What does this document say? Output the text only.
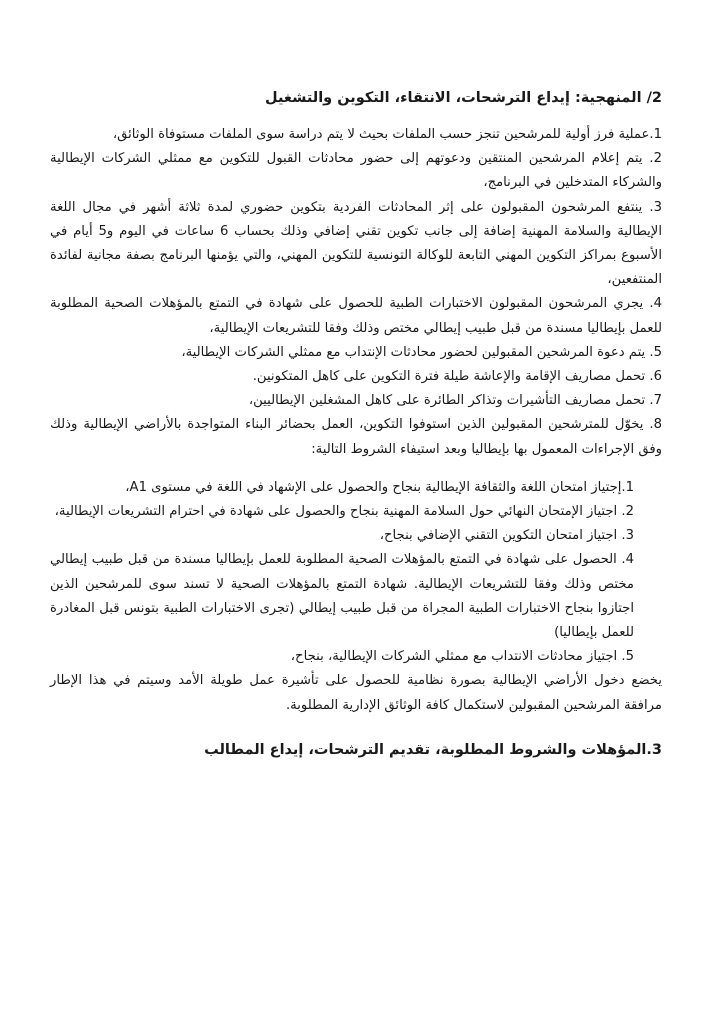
2/ المنهجية: إيداع الترشحات، الانتقاء، التكوين والتشغيل

1.عملية فرز أولية للمرشحين تنجز حسب الملفات بحيث لا يتم دراسة سوى الملفات مستوفاة الوثائق،

2. يتم إعلام المرشحين المنتقين ودعوتهم إلى حضور محادثات القبول للتكوين مع ممثلي الشركات الإيطالية والشركاء المتدخلين في البرنامج،

3. ينتفع المرشحون المقبولون على إثر المحادثات الفردية بتكوين حضوري لمدة ثلاثة أشهر في مجال اللغة الإيطالية والسلامة المهنية إضافة إلى جانب تكوين تقني إضافي وذلك بحساب 6 ساعات في اليوم و5 أيام في الأسبوع بمراكز التكوين المهني التابعة للوكالة التونسية للتكوين المهني، والتي يؤمنها البرنامج بصفة مجانية لفائدة المنتفعين،

4. يجري المرشحون المقبولون الاختبارات الطبية للحصول على شهادة في التمتع بالمؤهلات الصحية المطلوبة للعمل بإيطاليا مسندة من قبل طبيب إيطالي مختص وذلك وفقا للتشريعات الإيطالية،

5. يتم دعوة المرشحين المقبولين لحضور محادثات الإنتداب مع ممثلي الشركات الإيطالية،

6. تحمل مصاريف الإقامة والإعاشة طيلة فترة التكوين على كاهل المتكونين.

7. تحمل مصاريف التأشيرات وتذاكر الطائرة على كاهل المشغلين الإيطاليين،

8. يخوّل للمترشحين المقبولين الذين استوفوا التكوين، العمل بحضائر البناء المتواجدة بالأراضي الإيطالية وذلك وفق الإجراءات المعمول بها بإيطاليا وبعد استيفاء الشروط التالية:

1.إجتياز امتحان اللغة والثقافة الإيطالية بنجاح والحصول على الإشهاد في اللغة في مستوى A1،

2. اجتياز الإمتحان النهائي حول السلامة المهنية بنجاح والحصول على شهادة في احترام التشريعات الإيطالية،

3. اجتياز امتحان التكوين التقني الإضافي بنجاح،

4. الحصول على شهادة في التمتع بالمؤهلات الصحية المطلوبة للعمل بإيطاليا مسندة من قبل طبيب إيطالي مختص وذلك وفقا للتشريعات الإيطالية. شهادة التمتع بالمؤهلات الصحية لا تسند سوى للمرشحين الذين اجتازوا بنجاح الاختبارات الطبية المجراة من قبل طبيب إيطالي (تجرى الاختبارات الطبية بتونس قبل المغادرة للعمل بإيطاليا)

5. اجتياز محادثات الانتداب مع ممثلي الشركات الإيطالية، بنجاح،

يخضع دخول الأراضي الإيطالية بصورة نظامية للحصول على تأشيرة عمل طويلة الأمد وسيتم في هذا الإطار مرافقة المرشحين المقبولين لاستكمال كافة الوثائق الإدارية المطلوبة.

3.المؤهلات والشروط المطلوبة، تقديم الترشحات، إيداع المطالب
